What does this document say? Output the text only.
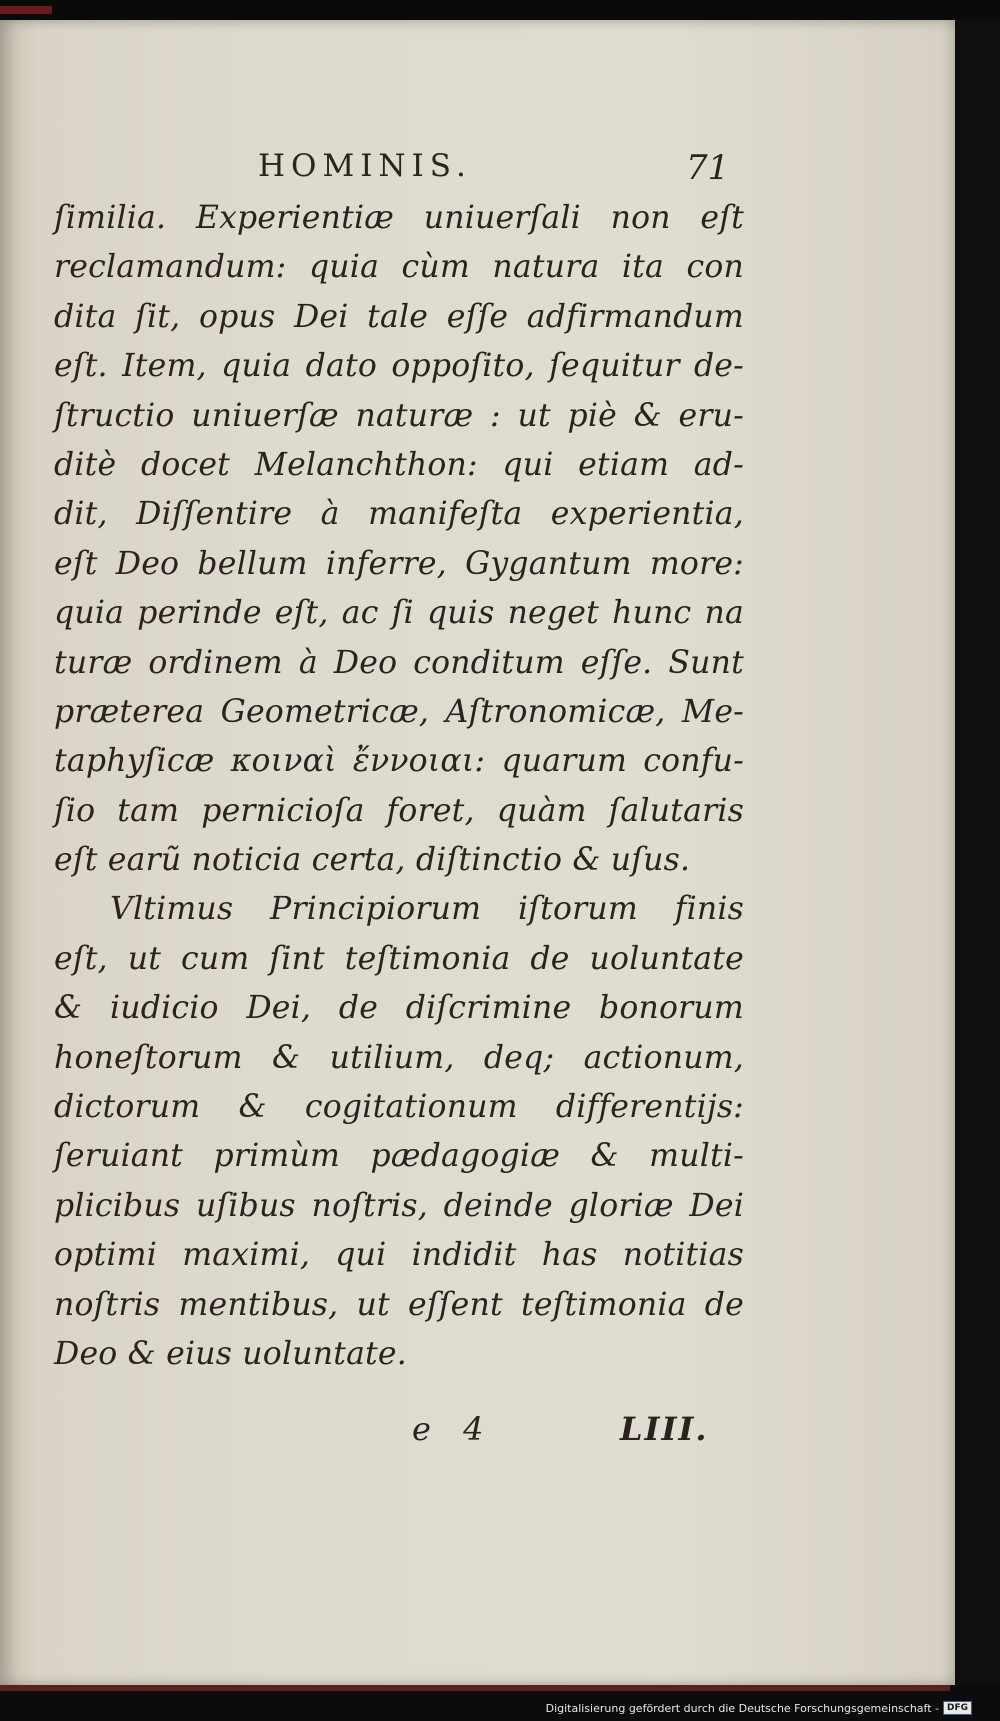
HOMINIS.	71
ſimilia. Experientiæ uniuerſali non eſt
reclamandum: quia cùm natura ita con
dita ſit, opus Dei tale eſſe adfirmandum
eſt. Item, quia dato oppoſito, ſequitur de-
ſtructio uniuerſæ naturæ : ut piè & eru-
ditè docet Melanchthon: qui etiam ad-
dit, Diſſentire à manifeſta experientia,
eſt Deo bellum inferre, Gygantum more:
quia perinde eſt, ac ſi quis neget hunc na
turæ ordinem à Deo conditum eſſe. Sunt
præterea Geometricæ, Aſtronomicæ, Me-
taphyſicæ κοιναὶ ἔννοιαι: quarum confu-
ſio tam pernicioſa foret, quàm ſalutaris
eſt earũ noticia certa, diſtinctio & uſus.
Vltimus Principiorum iſtorum finis
eſt, ut cum ſint teſtimonia de uoluntate
& iudicio Dei, de diſcrimine bonorum
honeſtorum & utilium, deq; actionum,
dictorum & cogitationum differentijs:
ſeruiant primùm pædagogiæ & multi-
plicibus uſibus noſtris, deinde gloriæ Dei
optimi maximi, qui indidit has notitias
noſtris mentibus, ut eſſent teſtimonia de
Deo & eius uoluntate.
e 4	LIII.
Digitalisierung gefördert durch die Deutsche Forschungsgemeinschaft - DFG
